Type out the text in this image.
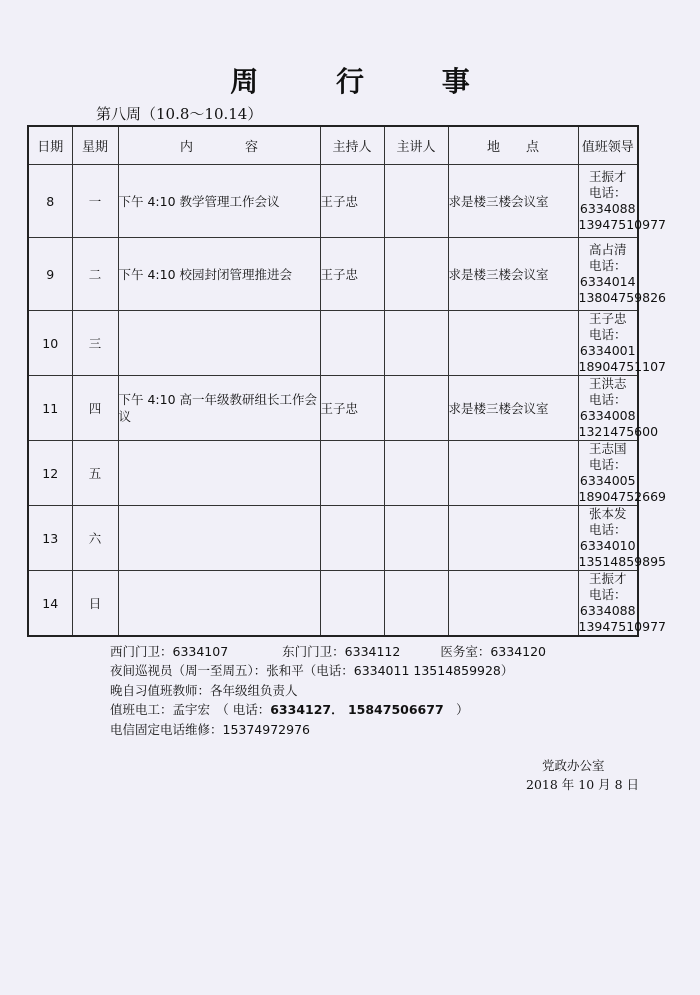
周 行 事
第八周（10.8～10.14）
日期	星期	内　　　　容	主持人	主讲人	地　　点	值班领导
8	一	下午 4:10 教学管理工作会议	王子忠		求是楼三楼会议室	王振才
电话：6334088
13947510977

9	二	下午 4:10 校园封闭管理推进会	王子忠		求是楼三楼会议室	高占清
电话：6334014
13804759826

10	三					王子忠
电话：6334001
18904751107

11	四	下午 4:10 高一年级教研组长工作会议	王子忠		求是楼三楼会议室	王洪志
电话：6334008
1321475600

12	五					王志国
电话：6334005
18904752669

13	六					张本发
电话：6334010
13514859895

14	日					王振才
电话：6334088
13947510977
西门门卫：6334107	东门门卫：6334112	医务室：6334120
夜间巡视员（周一至周五）：张和平（电话：6334011 13514859928）
晚自习值班教师：各年级组负责人
值班电工：孟宇宏　（ 电话：6334127． 15847506677　）
电信固定电话维修：15374972976
党政办公室
2018 年 10 月 8 日
